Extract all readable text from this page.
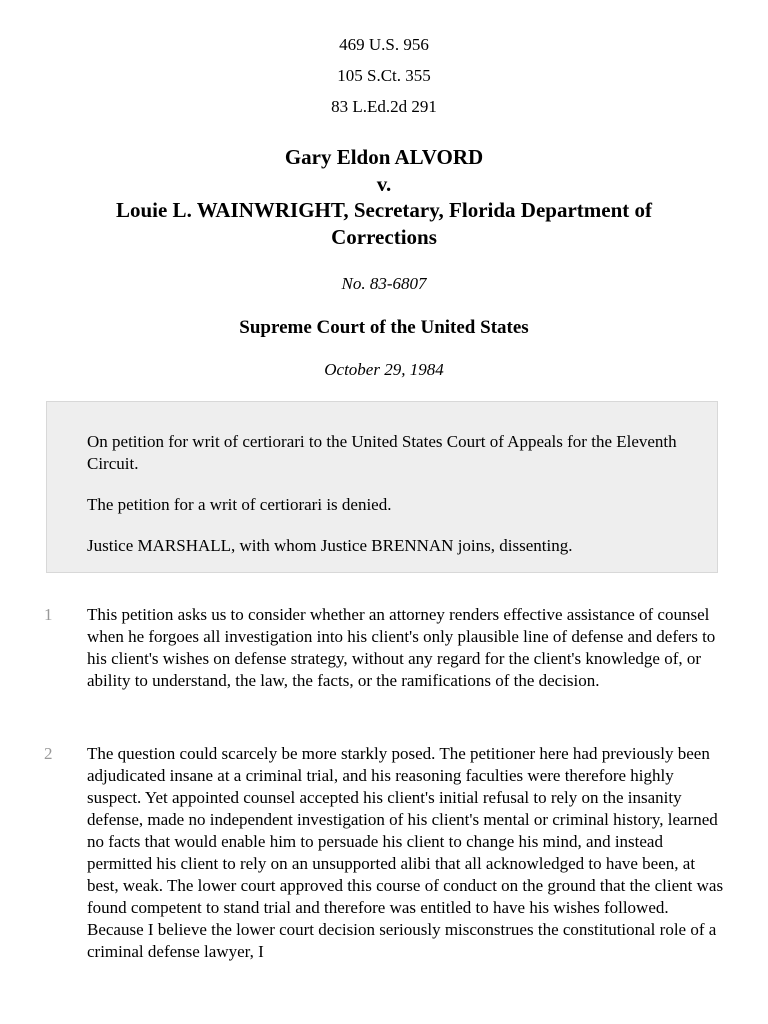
469 U.S. 956
105 S.Ct. 355
83 L.Ed.2d 291
Gary Eldon ALVORD
v.
Louie L. WAINWRIGHT, Secretary, Florida Department of
Corrections
No. 83-6807
Supreme Court of the United States
October 29, 1984

On petition for writ of certiorari to the United States Court of Appeals for the Eleventh Circuit.

The petition for a writ of certiorari is denied.

Justice MARSHALL, with whom Justice BRENNAN joins, dissenting.

1	This petition asks us to consider whether an attorney renders effective assistance of counsel when he forgoes all investigation into his client's only plausible line of defense and defers to his client's wishes on defense strategy, without any regard for the client's knowledge of, or ability to understand, the law, the facts, or the ramifications of the decision.
2	The question could scarcely be more starkly posed. The petitioner here had previously been adjudicated insane at a criminal trial, and his reasoning faculties were therefore highly suspect. Yet appointed counsel accepted his client's initial refusal to rely on the insanity defense, made no independent investigation of his client's mental or criminal history, learned no facts that would enable him to persuade his client to change his mind, and instead permitted his client to rely on an unsupported alibi that all acknowledged to have been, at best, weak. The lower court approved this course of conduct on the ground that the client was found competent to stand trial and therefore was entitled to have his wishes followed. Because I believe the lower court decision seriously misconstrues the constitutional role of a criminal defense lawyer, I
